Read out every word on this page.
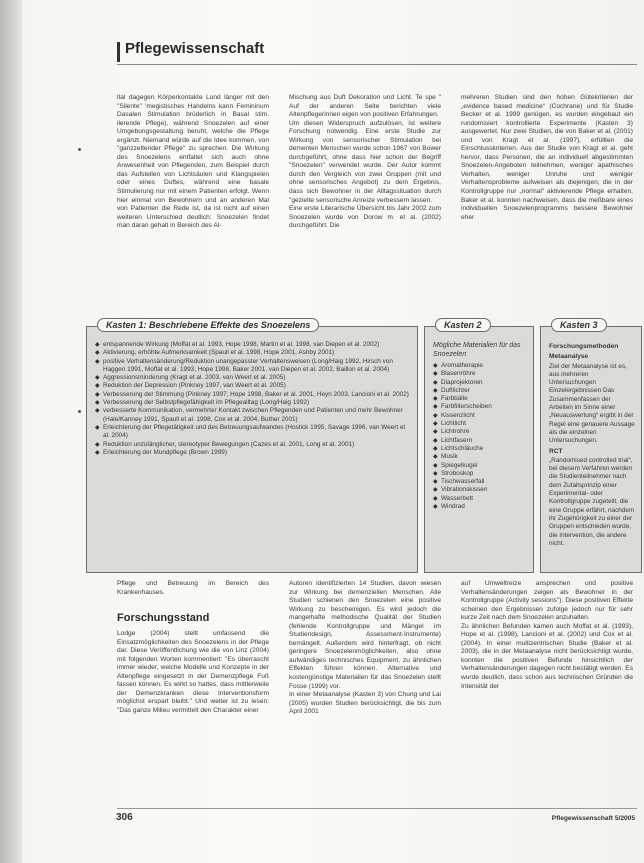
Pflegewissenschaft

ltal dagegen Körperkontakte Lund länger mit den "Silente" 'megistisches Handelns kann Femininum Dasalen Stimulation brüderlich in Basal stim. ilerende Pflege), während Snoezelen auf einer Umgebungsgestaltung beruht, welche die Pflege ergänzt. Niemand würde auf die Idee kommen, von "ganzzeltender Pflege" zu sprechen. Die Wirkung des Snoezelens entfaltet sich auch ohne Anwesenheit von Pflegenden, zum Beispiel durch das Aufstellen von Lichtsäulen und Klangspielen oder eines Duftes, während eine basale Stimulierung nur mit einem Patienten erfolgt. Wenn hier einmal von Bewohnern und an anderen Mal von Patienten die Rede ist, da ist nicht auf einen weiteren Unterschied deutlich: Snoezelen findet man daran gehalt in Bereich des Al-

Mischung aus Duft Dekoration und Licht. Te spe " Auf der anderen Seite berichten viele Altenpflegerinnen eigen von positiven Erfahrungen.

Um diesen Widerspruch aufzulösen, ist weitere Forschung notwendig. Eine erste Studie zur Wirkung von sensorischer Stimulation bei dementen Menschen wurde schon 1967 von Bower durchgeführt, ohne dass hier schon der Begriff "Snoezelen" verwendet wurde. Der Autor kommt durch den Vergleich von zwei Gruppen (mit und ohne sensorisches Angebot) zu dem Ergebnis, dass sich Bewohner in der Alltagssituation durch "gezielte sensorische Anreize verbessern lassen.

Eine erste Literarische Übersicht bis Jahr 2002 zum Snoezelen wurde von Dorow m. et al. (2002) durchgeführt. Die

mehreren Studien sind den hohen Gütekriterien der „evidence based medicine“ (Cochrane) und für Studie Becker et al. 1999 genügen, es wurden eingebaut ein rundomisiert kontrollierte Experimente (Kasten 3) ausgewertet. Nur zwei Studien, die von Baker et al. (2001) und von Kragt et al. (1997), erfüllten die Einschlusskriterien. Aus der Studie von Kragt et al. geht hervor, dass Personen, die an individuell abgestimmten Snoezelen-Angeboten teilnehmen, weniger apathisches Verhalten, weniger Unruhe und weniger Verhaltensprobleme aufweisen als diejenigen, die in der Kontrollgruppe nur „normal“ aktivierende Pflege erhalten. Baker et al. konnten nachweisen, dass die meßbare eines individuellen Snoezelenprogramms bessere Bewohner eher

Kasten 1: Beschriebene Effekte des Snoezelens
◆ entspannende Wirkung (Moffat et al. 1993, Hope 1998, Martin et al. 1998, van Diepen et al. 2002)
◆ Aktivierung, erhöhte Aufmerksamkeit (Spaull et al. 1998, Hope 2001, Ashby 2001)
◆ positive Verhaltensänderung/Reduktion unangepasster Verhaltensweisen (Long/Haig 1992, Hirsch von Haggen 1991, Moffat et al. 1993, Hope 1998, Baker 2001, van Diepen et al. 2002, Baillon et al. 2004)
◆ Aggressionsminderung (Kragt et al. 2003, van Weert et al. 2005)
◆ Reduktion der Depression (Pinkney 1997, van Weert et al. 2005)
◆ Verbesserung der Stimmung (Pinkney 1997, Hope 1998, Baker et al. 2001, Heyn 2003, Lancioni et al. 2002)
◆ Verbesserung der Selbstpflegefähigkeit im Pflegealltag (Long/Haig 1992)
◆ verbesserte Kommunikation, vermehrter Kontakt zwischen Pflegenden und Patienten und mehr Bewohner (Hale/Kanney 1991, Spaull et al. 1998, Cox et al. 2004, Buther 2001)
◆ Erleichterung der Pflegetätigkeit und des Betreuungsaufwandes (Hostick 1995, Savage 1996, van Weert et al. 2004)
◆ Reduktion unzulänglicher, stereotyper Bewegungen (Cazes et al. 2001, Long et al. 2001)
◆ Erleichterung der Mundpflege (Brown 1999)
Kasten 2
Mögliche Materialien für das Snoezelen
◆ Aromatherapie
◆ Blasenröhre
◆ Diaprojektoren
◆ Duftlichter
◆ Farbbälle
◆ Farbfilterscheiben
◆ Kissenzlicht
◆ Lichtlicht
◆ Lichtrohre
◆ Lichtfasern
◆ Lichtschläuche
◆ Musik
◆ Spiegelkugel
◆ Stroboskop
◆ Tischwasserfall
◆ Vibrationskissen
◆ Wasserbett
◆ Windrad
Kasten 3
Forschungsmethoden
Metaanalyse
Ziel der Metaanalyse ist es, aus mehreren Untersuchungen Einzelergebnissen Das Zusammenfassen der Arbeiten im Sinne einer „Neuauswertung“ ergibt in der Regel eine genauere Aussage als die einzelnen Untersuchungen.
RCT
„Randomised controlled trial“, bei diesem Verfahren werden die Studienteilnehmer nach dem Zufallsprinzip einer Experimental- oder Kontrollgruppe zugeteilt, die eine Gruppe erfährt, nachdem ihr Zugehörigkeit zu einer der Gruppen entschieden wurde, die Intervention, die andere nicht.

Pflege und Betreuung im Bereich des Krankenhauses.

Forschungsstand

Lodge (2004) stellt umfassend die Einsatzmöglichkeiten des Snoezelens in der Pflege dar. Diese Veröffentlichung wie die von Linz (2004) mit folgenden Worten kommentiert: "Es überrascht immer wieder, welche Modelle und Konzepte in der Altenpflege eingesetzt in der Demenzpflege Fuß fassen können. Es wirkt so hattes, dass mittlerweile der Demenzkranken diese Interventionsform möglichst erspart bleibt." Und weiter ist zu lesen: "Das ganze Milieu vermittelt den Charakter einer

Autoren identifizierten 14 Studien, davon wiesen zur Wirkung bei demenziellen Menschen. Alle Studien schienen den Snoezelen eine positive Wirkung zu bescheinigen. Es wird jedoch die mangelhafte methodische Qualität der Studien (fehlende Kontrollgruppe und Mängel im Studiendesign, Assessment-Instrumente) bemängelt. Außerdem wird hinterfragt, ob nicht geringere Snoezelenmöglichkeiten, also ohne aufwändiges technisches Equipment, zu ähnlichen Effekten führen können. Alternative und kostengünstige Materialien für das Snoezelen stellt Fosse (1999) vor.

In einer Metaanalyse (Kasten 3) von Chung und Lai (2005) wurden Studien berücksichtigt, die bis zum April 2001

auf Umweltreize ansprechen und positive Verhaltensänderungen zeigen als Bewohner in der Kontrollgruppe (Activity sessions"). Diese positiven Effekte scheinen den Ergebnissen zufolge jedoch nur für sehr kurze Zeit nach dem Snoezelen anzuhalten.

Zu ähnlichen Befunden kamen auch Moffat et al. (1993), Hope et al. (1998), Lancioni et al. (2002) und Cox et al. (2004). In einer multizentrischen Studie (Baker et al. 2003), die in der Metaanalyse nicht berücksichtigt wurde, konnten die positiven Befunde hinsichtlich der Verhaltensänderungen dagegen nicht bestätigt werden. Es wurde deutlich, dass schon aus technischen Gründen die Intensität der

306	Pflegewissenschaft 5/2005
